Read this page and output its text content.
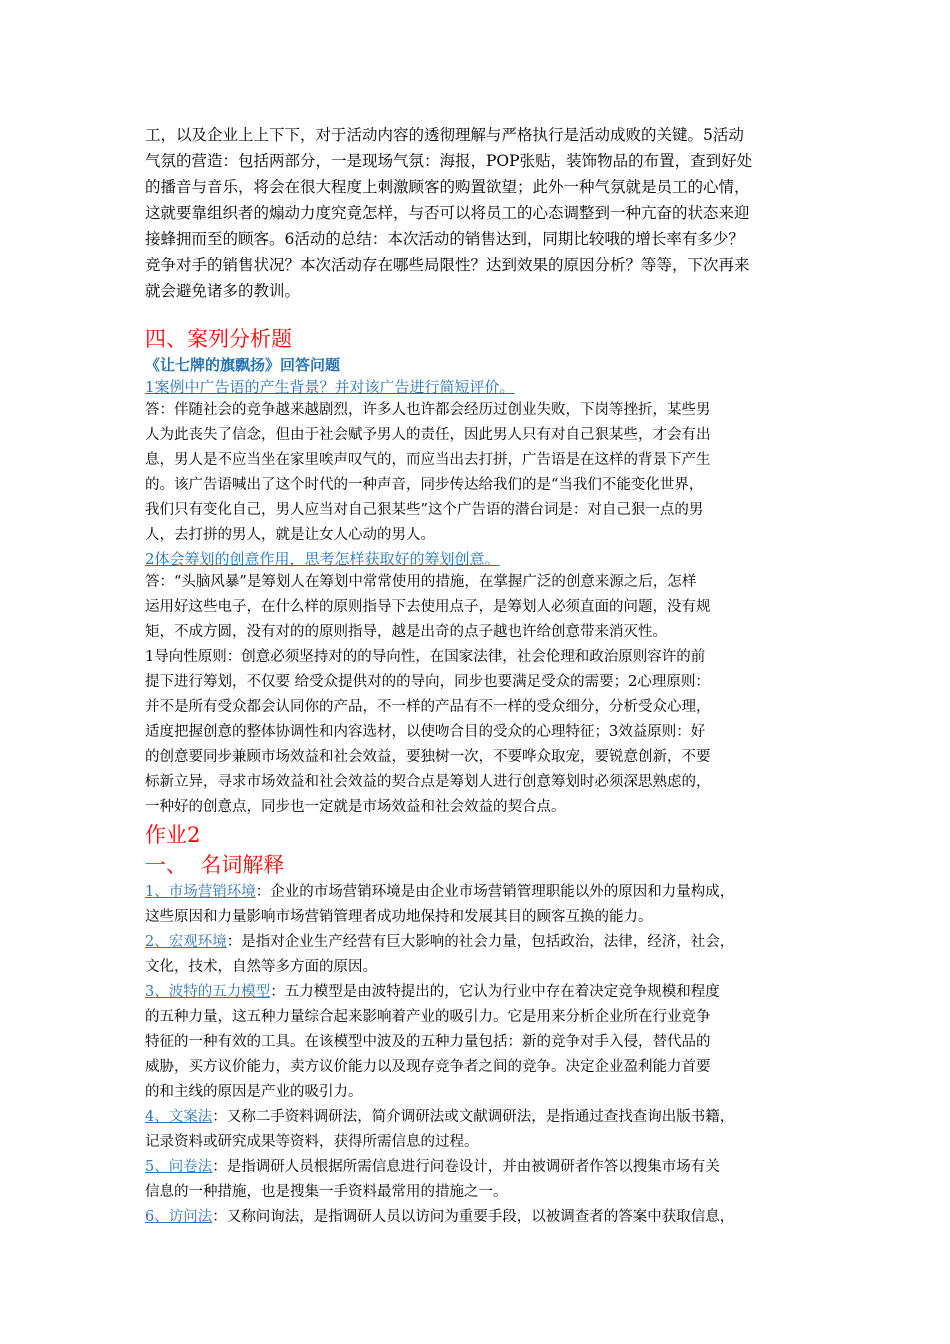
工，以及企业上上下下，对于活动内容的透彻理解与严格执行是活动成败的关键。5活动

气氛的营造：包括两部分，一是现场气氛：海报，POP张贴，装饰物品的布置，查到好处

的播音与音乐，将会在很大程度上刺激顾客的购置欲望；此外一种气氛就是员工的心情，

这就要靠组织者的煽动力度究竟怎样，与否可以将员工的心态调整到一种亢奋的状态来迎

接蜂拥而至的顾客。6活动的总结：本次活动的销售达到，同期比较哦的增长率有多少？

竞争对手的销售状况？本次活动存在哪些局限性？达到效果的原因分析？等等，下次再来

就会避免诸多的教训。

四、案列分析题

《让七牌的旗飘扬》回答问题

1案例中广告语的产生背景？并对该广告进行简短评价。

答：伴随社会的竞争越来越剧烈，许多人也许都会经历过创业失败，下岗等挫折，某些男

人为此丧失了信念，但由于社会赋予男人的责任，因此男人只有对自己狠某些，才会有出

息，男人是不应当坐在家里唉声叹气的，而应当出去打拼，广告语是在这样的背景下产生

的。该广告语喊出了这个时代的一种声音，同步传达给我们的是“当我们不能变化世界，

我们只有变化自己，男人应当对自己狠某些”这个广告语的潜台词是：对自己狠一点的男

人，去打拼的男人，就是让女人心动的男人。

2体会筹划的创意作用，思考怎样获取好的筹划创意。

答：“头脑风暴”是筹划人在筹划中常常使用的措施，在掌握广泛的创意来源之后，怎样

运用好这些电子，在什么样的原则指导下去使用点子，是筹划人必须直面的问题，没有规

矩，不成方圆，没有对的的原则指导，越是出奇的点子越也许给创意带来消灭性。

1导向性原则：创意必须坚持对的的导向性，在国家法律，社会伦理和政治原则容许的前

提下进行筹划，不仅要 给受众提供对的的导向，同步也要满足受众的需要；2心理原则：

并不是所有受众都会认同你的产品，不一样的产品有不一样的受众细分，分析受众心理，

适度把握创意的整体协调性和内容选材，以使吻合目的受众的心理特征；3效益原则：好

的创意要同步兼顾市场效益和社会效益，要独树一次，不要哗众取宠，要锐意创新，不要

标新立异，寻求市场效益和社会效益的契合点是筹划人进行创意筹划时必须深思熟虑的，

一种好的创意点，同步也一定就是市场效益和社会效益的契合点。

作业2
一、  名词解释

1、市场营销环境：企业的市场营销环境是由企业市场营销管理职能以外的原因和力量构成，

这些原因和力量影响市场营销管理者成功地保持和发展其目的顾客互换的能力。

2、宏观环境：是指对企业生产经营有巨大影响的社会力量，包括政治，法律，经济，社会，

文化，技术，自然等多方面的原因。

3、波特的五力模型：五力模型是由波特提出的，它认为行业中存在着决定竞争规模和程度

的五种力量，这五种力量综合起来影响着产业的吸引力。它是用来分析企业所在行业竞争

特征的一种有效的工具。在该模型中波及的五种力量包括：新的竞争对手入侵，替代品的

威胁，买方议价能力，卖方议价能力以及现存竞争者之间的竞争。决定企业盈利能力首要

的和主线的原因是产业的吸引力。

4、文案法：又称二手资料调研法，简介调研法或文献调研法，是指通过查找查询出版书籍，

记录资料或研究成果等资料，获得所需信息的过程。

5、问卷法：是指调研人员根据所需信息进行问卷设计，并由被调研者作答以搜集市场有关

信息的一种措施，也是搜集一手资料最常用的措施之一。

6、访问法：又称问询法，是指调研人员以访问为重要手段，以被调查者的答案中获取信息，
